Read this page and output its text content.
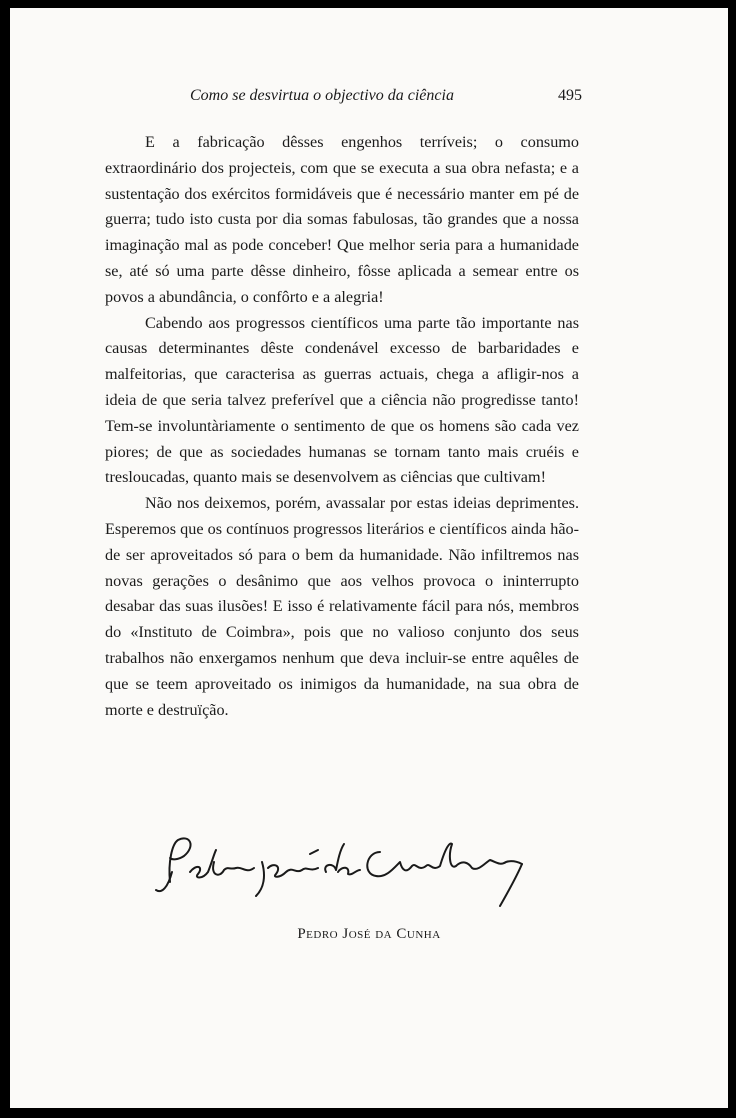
Como se desvirtua o objectivo da ciência	495

E a fabricação dêsses engenhos terríveis; o consumo extraordinário dos projecteis, com que se executa a sua obra nefasta; e a sustentação dos exércitos formidáveis que é necessário manter em pé de guerra; tudo isto custa por dia somas fabulosas, tão grandes que a nossa imaginação mal as pode conceber! Que melhor seria para a humanidade se, até só uma parte dêsse dinheiro, fôsse aplicada a semear entre os povos a abundância, o confôrto e a alegria!

Cabendo aos progressos científicos uma parte tão importante nas causas determinantes dêste condenável excesso de barbaridades e malfeitorias, que caracterisa as guerras actuais, chega a afligir-nos a ideia de que seria talvez preferível que a ciência não progredisse tanto! Tem-se involuntàriamente o sentimento de que os homens são cada vez piores; de que as sociedades humanas se tornam tanto mais cruéis e tresloucadas, quanto mais se desenvolvem as ciências que cultivam!

Não nos deixemos, porém, avassalar por estas ideias deprimentes. Esperemos que os contínuos progressos literários e científicos ainda hão-de ser aproveitados só para o bem da humanidade. Não infiltremos nas novas gerações o desânimo que aos velhos provoca o ininterrupto desabar das suas ilusões! E isso é relativamente fácil para nós, membros do «Instituto de Coimbra», pois que no valioso conjunto dos seus trabalhos não enxergamos nenhum que deva incluir-se entre aquêles de que se teem aproveitado os inimigos da humanidade, na sua obra de morte e destruïção.

Pedro José da Cunha
